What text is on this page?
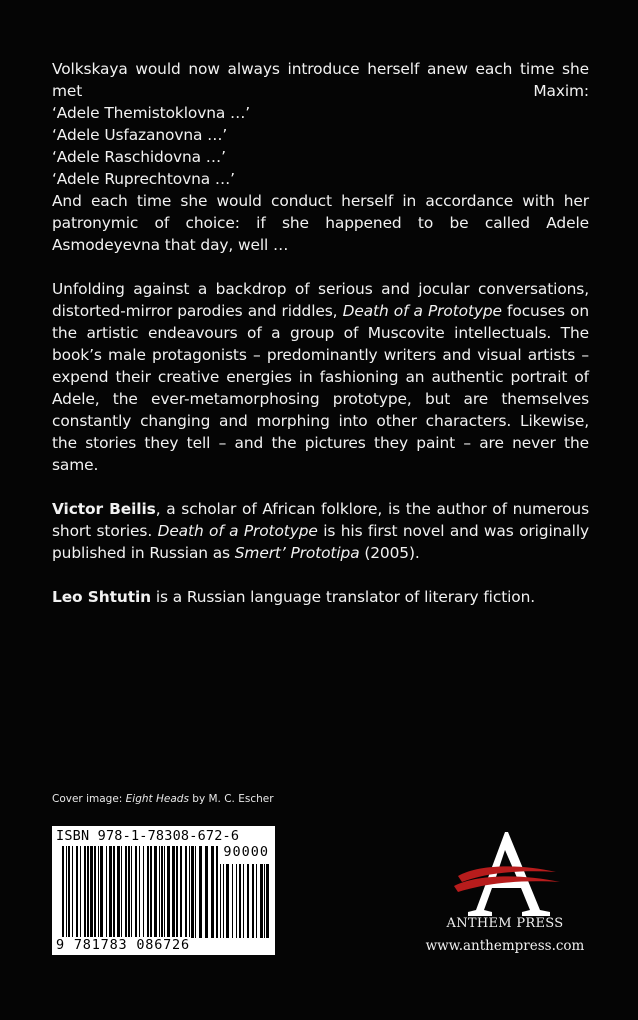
Volkskaya would now always introduce herself anew each time she met Maxim:

‘Adele Themistoklovna …’

‘Adele Usfazanovna …’

‘Adele Raschidovna …’

‘Adele Ruprechtovna …’

And each time she would conduct herself in accordance with her patronymic of choice: if she happened to be called Adele Asmodeyevna that day, well …

Unfolding against a backdrop of serious and jocular conversations, distorted-mirror parodies and riddles, Death of a Prototype focuses on the artistic endeavours of a group of Muscovite intellectuals. The book’s male protagonists – predominantly writers and visual artists – expend their creative energies in fashioning an authentic portrait of Adele, the ever-metamorphosing prototype, but are themselves constantly changing and morphing into other characters. Likewise, the stories they tell – and the pictures they paint – are never the same.

Victor Beilis, a scholar of African folklore, is the author of numerous short stories. Death of a Prototype is his first novel and was originally published in Russian as Smert’ Prototipa (2005).

Leo Shtutin is a Russian language translator of literary fiction.

Cover image: Eight Heads by M. C. Escher
ISBN 978-1-78308-672-6
90000
9 781783 086726
ANTHEM PRESS
www.anthempress.com
